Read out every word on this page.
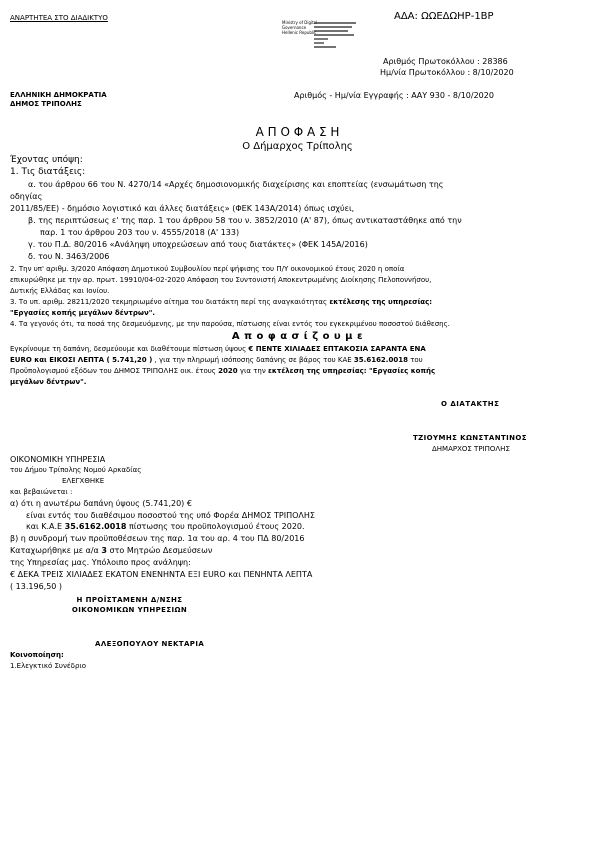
ΑΝΑΡΤΗΤΕΑ ΣΤΟ ΔΙΑΔΙΚΤΥΟ	ΑΔΑ: ΩΩΕΔΩΗΡ-1ΒΡ
Ministry of Digital
Governance
Hellenic Republic
Αριθμός Πρωτοκόλλου : 28386
Ημ/νία Πρωτοκόλλου : 8/10/2020
ΕΛΛΗΝΙΚΗ ΔΗΜΟΚΡΑΤΙΑ
ΔΗΜΟΣ ΤΡΙΠΟΛΗΣ
Αριθμός - Ημ/νία Εγγραφής : ΑΑΥ 930 - 8/10/2020
Α Π Ο Φ Α Σ Η
Ο Δήμαρχος Τρίπολης
Έχοντας υπόψη:
1. Τις διατάξεις:
α. του άρθρου 66 του Ν. 4270/14 «Αρχές δημοσιονομικής διαχείρισης και εποπτείας (ενσωμάτωση της
οδηγίας
2011/85/ΕΕ) - δημόσιο λογιστικό και άλλες διατάξεις» (ΦΕΚ 143Α/2014) όπως ισχύει,
β. της περιπτώσεως ε' της παρ. 1 του άρθρου 58 του ν. 3852/2010 (Α' 87), όπως αντικαταστάθηκε από την
παρ. 1 του άρθρου 203 του ν. 4555/2018 (Α' 133)
γ. του Π.Δ. 80/2016 «Ανάληψη υποχρεώσεων από τους διατάκτες» (ΦΕΚ 145Α/2016)
δ. του Ν. 3463/2006
2. Την υπ' αριθμ. 3/2020 Απόφαση Δημοτικού Συμβουλίου περί ψήφισης του Π/Υ οικονομικού έτους 2020 η οποία
επικυρώθηκε με την αρ. πρωτ. 19910/04-02-2020 Απόφαση του Συντονιστή Αποκεντρωμένης Διοίκησης Πελοποννήσου,
Δυτικής Ελλάδας και Ιονίου.
3. Το υπ. αριθμ. 28211/2020 τεκμηριωμένο αίτημα του διατάκτη περί της αναγκαιότητας εκτέλεσης της υπηρεσίας:
"Εργασίες κοπής μεγάλων δέντρων".
4. Τα γεγονός ότι, τα ποσά της δεσμευόμενης, με την παρούσα, πίστωσης είναι εντός του εγκεκριμένου ποσοστού διάθεσης.
Α π ο φ α σ ί ζ ο υ μ ε
Εγκρίνουμε τη δαπάνη, δεσμεύουμε και διαθέτουμε πίστωση ύψους € ΠΕΝΤΕ ΧΙΛΙΑΔΕΣ ΕΠΤΑΚΟΣΙΑ ΣΑΡΑΝΤΑ ΕΝΑ
EURO και ΕΙΚΟΣΙ ΛΕΠΤΑ ( 5.741,20 ) , για την πληρωμή ισόποσης δαπάνης σε βάρος του ΚΑΕ 35.6162.0018 του
Προϋπολογισμού εξόδων του ΔΗΜΟΣ ΤΡΙΠΟΛΗΣ οικ. έτους 2020 για την εκτέλεση της υπηρεσίας: "Εργασίες κοπής
μεγάλων δέντρων".
Ο ΔΙΑΤΑΚΤΗΣ
ΤΖΙΟΥΜΗΣ ΚΩΝΣΤΑΝΤΙΝΟΣ
ΔΗΜΑΡΧΟΣ ΤΡΙΠΟΛΗΣ
ΟΙΚΟΝΟΜΙΚΗ ΥΠΗΡΕΣΙΑ
του Δήμου Τρίπολης Νομού Αρκαδίας
ΕΛΕΓΧΘΗΚΕ
και βεβαιώνεται :
α) ότι η ανωτέρω δαπάνη ύψους (5.741,20) €
είναι εντός του διαθέσιμου ποσοστού της υπό Φορέα ΔΗΜΟΣ ΤΡΙΠΟΛΗΣ
και Κ.Α.Ε 35.6162.0018 πίστωσης του προϋπολογισμού έτους 2020.
β) η συνδρομή των προϋποθέσεων της παρ. 1α του αρ. 4 του ΠΔ 80/2016
Καταχωρήθηκε με α/α 3 στο Μητρώο Δεσμεύσεων
της Υπηρεσίας μας. Υπόλοιπο προς ανάληψη:
€ ΔΕΚΑ ΤΡΕΙΣ ΧΙΛΙΑΔΕΣ ΕΚΑΤΟΝ ΕΝΕΝΗΝΤΑ ΕΞΙ EURO και ΠΕΝΗΝΤΑ ΛΕΠΤΑ
( 13.196,50 )
Η ΠΡΟΪΣΤΑΜΕΝΗ Δ/ΝΣΗΣ
ΟΙΚΟΝΟΜΙΚΩΝ ΥΠΗΡΕΣΙΩΝ
ΑΛΕΞΟΠΟΥΛΟΥ ΝΕΚΤΑΡΙΑ
Κοινοποίηση:
1.Ελεγκτικό Συνέδριο
